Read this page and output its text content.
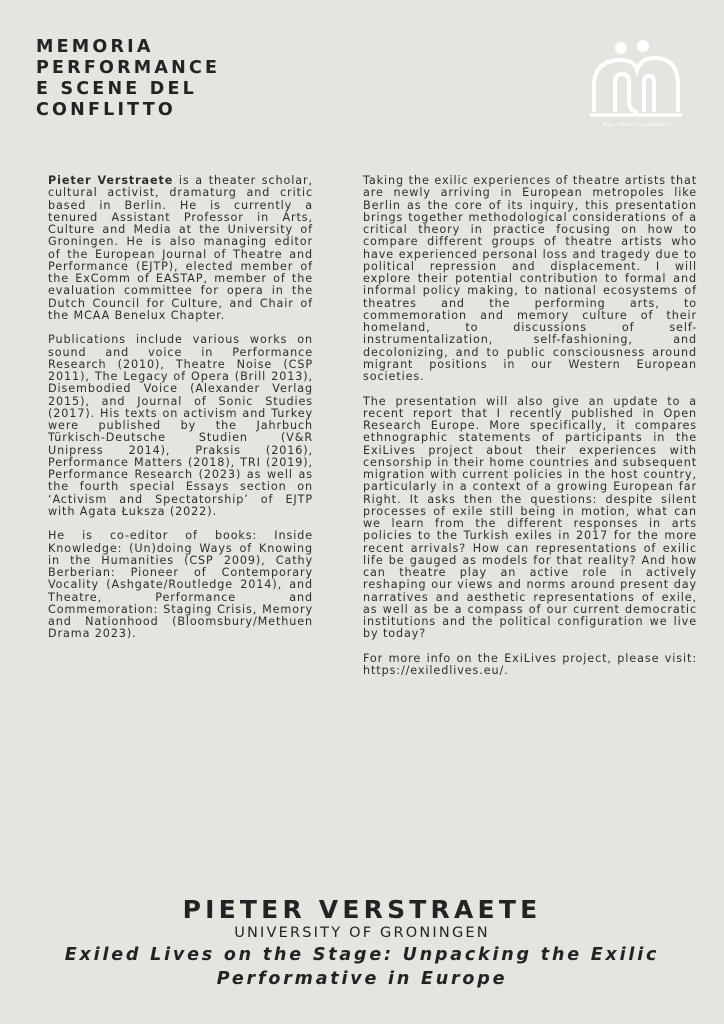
MEMORIA
PERFORMANCE
E SCENE DEL
CONFLITTO
Mapp · Memoria & performance

Pieter Verstraete is a theater scholar, cultural activist, dramaturg and critic based in Berlin. He is currently a tenured Assistant Professor in Arts, Culture and Media at the University of Groningen. He is also managing editor of the European Journal of Theatre and Performance (EJTP), elected member of the ExComm of EASTAP, member of the evaluation committee for opera in the Dutch Council for Culture, and Chair of the MCAA Benelux Chapter.

Publications include various works on sound and voice in Performance Research (2010), Theatre Noise (CSP 2011), The Legacy of Opera (Brill 2013), Disembodied Voice (Alexander Verlag 2015), and Journal of Sonic Studies (2017). His texts on activism and Turkey were published by the Jahrbuch Türkisch-Deutsche Studien (V&R Unipress 2014), Praksis (2016), Performance Matters (2018), TRI (2019), Performance Research (2023) as well as the fourth special Essays section on ‘Activism and Spectatorship’ of EJTP with Agata Łuksza (2022).

He is co-editor of books: Inside Knowledge: (Un)doing Ways of Knowing in the Humanities (CSP 2009), Cathy Berberian: Pioneer of Contemporary Vocality (Ashgate/Routledge 2014), and Theatre, Performance and Commemoration: Staging Crisis, Memory and Nationhood (Bloomsbury/Methuen Drama 2023).

Taking the exilic experiences of theatre artists that are newly arriving in European metropoles like Berlin as the core of its inquiry, this presentation brings together methodological considerations of a critical theory in practice focusing on how to compare different groups of theatre artists who have experienced personal loss and tragedy due to political repression and displacement. I will explore their potential contribution to formal and informal policy making, to national ecosystems of theatres and the performing arts, to commemoration and memory culture of their homeland, to discussions of self-instrumentalization, self-fashioning, and decolonizing, and to public consciousness around migrant positions in our Western European societies.

The presentation will also give an update to a recent report that I recently published in Open Research Europe. More specifically, it compares ethnographic statements of participants in the ExiLives project about their experiences with censorship in their home countries and subsequent migration with current policies in the host country, particularly in a context of a growing European far Right. It asks then the questions: despite silent processes of exile still being in motion, what can we learn from the different responses in arts policies to the Turkish exiles in 2017 for the more recent arrivals? How can representations of exilic life be gauged as models for that reality? And how can theatre play an active role in actively reshaping our views and norms around present day narratives and aesthetic representations of exile, as well as be a compass of our current democratic institutions and the political configuration we live by today?

For more info on the ExiLives project, please visit: https://exiledlives.eu/.

PIETER VERSTRAETE
UNIVERSITY OF GRONINGEN
Exiled Lives on the Stage: Unpacking the Exilic
Performative in Europe
